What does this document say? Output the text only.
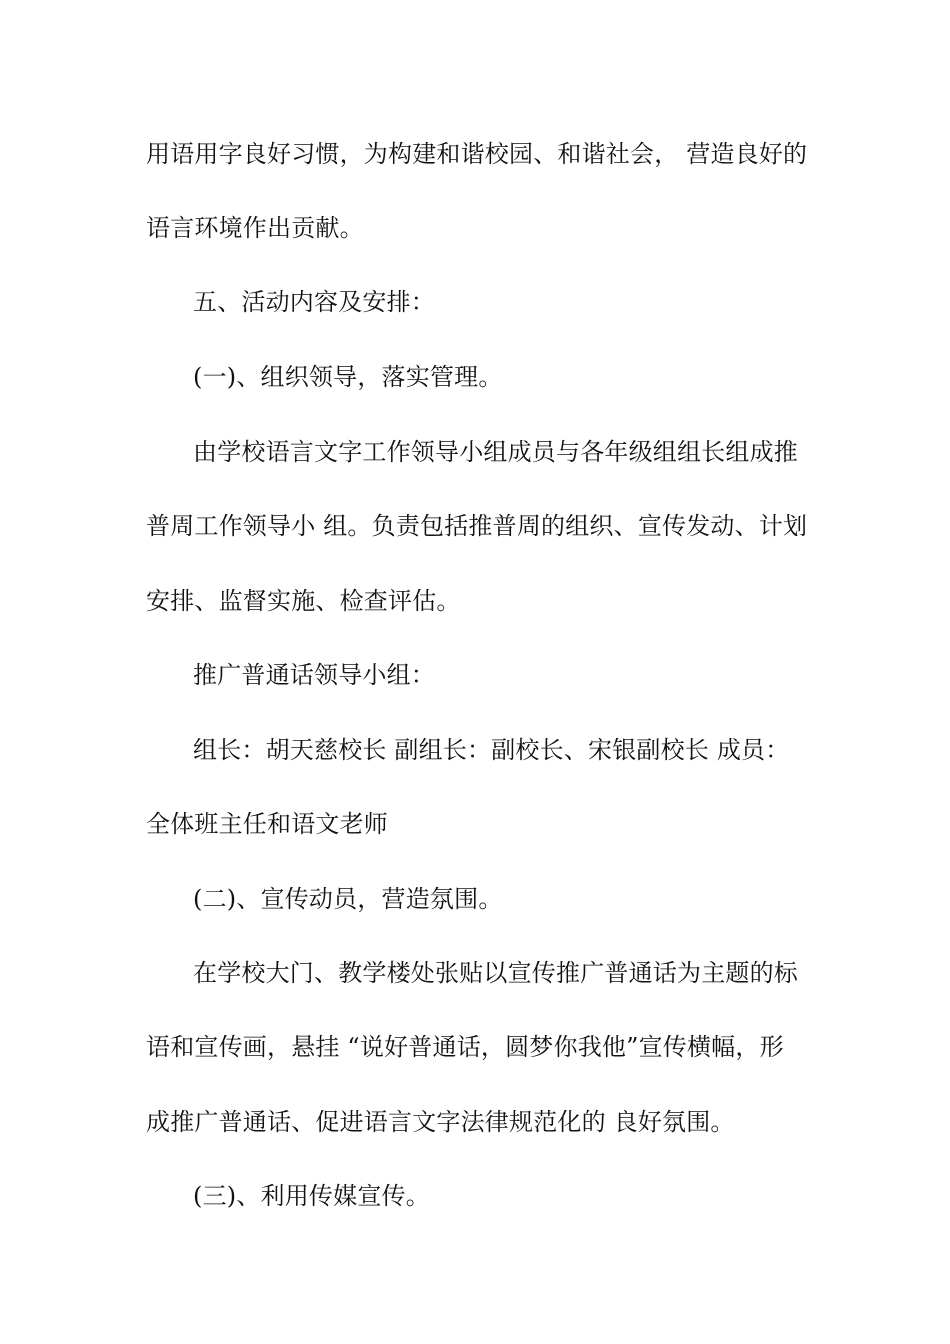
用语用字良好习惯，为构建和谐校园、和谐社会， 营造良好的
语言环境作出贡献。
五、活动内容及安排：
(一)、组织领导，落实管理。
由学校语言文字工作领导小组成员与各年级组组长组成推
普周工作领导小 组。负责包括推普周的组织、宣传发动、计划
安排、监督实施、检查评估。
推广普通话领导小组：
组长：胡天慈校长 副组长：副校长、宋银副校长 成员：
全体班主任和语文老师
(二)、宣传动员，营造氛围。
在学校大门、教学楼处张贴以宣传推广普通话为主题的标
语和宣传画，悬挂 “说好普通话，圆梦你我他”宣传横幅，形
成推广普通话、促进语言文字法律规范化的 良好氛围。
(三)、利用传媒宣传。
